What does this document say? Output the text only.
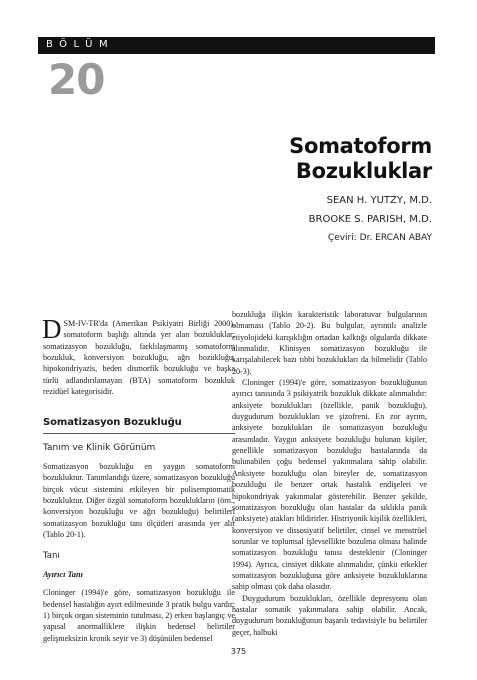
BÖLÜM
20
Somatoform
Bozukluklar
SEAN H. YUTZY, M.D.
BROOKE S. PARISH, M.D.
Çeviri: Dr. ERCAN ABAY
D SM-IV-TR'da (Amerikan Psikiyatri Birliği 2000), somatoform başlığı altında yer alan bozukluklar; somatizasyon bozukluğu, farklılaşmamış somatoform bozukluk, konversiyon bozukluğu, ağrı bozukluğu, hipokondriyazis, beden dismorfik bozukluğu ve başka türlü adlandırılamayan (BTA) somatoform bozukluk rezidüel kategorisidir.

Somatizasyon Bozukluğu
Tanım ve Klinik Görünüm

Somatizasyon bozukluğu en yaygın somatoform bozukluktur. Tanımlandığı üzere, somatizasyon bozukluğu birçok vücut sistemini etkileyen bir polisemptomatik bozukluktur. Diğer özgül somatoform bozuklukların (örn., konversiyon bozukluğu ve ağrı bozukluğu) belirtileri somatizasyon bozukluğu tanı ölçütleri arasında yer alır (Tablo 20-1).

Tanı
Ayırıcı Tanı

Cloninger (1994)'e göre, somatizasyon bozukluğu ile bedensel hastalığın ayırt edilmesinde 3 pratik bulgu vardır: 1) birçok organ sisteminin tutulması, 2) erken başlangıç ve yapısal anormalliklere ilişkin bedensel belirtiler gelişmeksizin kronik seyir ve 3) düşünülen bedensel

bozukluğa ilişkin karakteristik laboratuvar bulgularının olmaması (Tablo 20-2). Bu bulgular, ayrıntılı analizle etiyolojideki karışıklığın ortadan kalktığı olgularda dikkate alınmalıdır. Klinisyen somatizasyon bozukluğu ile karışalabilecek bazı tıbbi bozuklukları da bilmelidir (Tablo 20-3).

Cloninger (1994)'e göre, somatizasyon bozukluğunun ayırıcı tanısında 3 psikiyatrik bozukluk dikkate alınmalıdır: anksiyete bozuklukları (özellikle, panik bozukluğu), duygudurum bozuklukları ve şizofreni. En zor ayrım, anksiyete bozuklukları ile somatizasyon bozukluğu arasındadır. Yaygın anksiyete bozukluğu bulunan kişiler, genellikle somatizasyon bozukluğu hastalarında da bulunabilen çoğu bedensel yakınmalara sahip olabilir. Anksiyete bozukluğu olan bireyler de, somatizasyon bozukluğu ile benzer ortak hastalık endişeleri ve hipokondriyak yakınmalar gösterebilir. Benzer şekilde, somatizasyon bozukluğu olan hastalar da sıklıkla panik (anksiyete) atakları bildirirler. Histriyonik kişilik özellikleri, konversiyon ve dissosiyatif belirtiler, cinsel ve menstrüel sorunlar ve toplumsal işlevsellikte bozulma olması halinde somatizasyon bozukluğu tanısı desteklenir (Cloninger 1994). Ayrıca, cinsiyet dikkate alınmalıdır, çünkü erkekler somatizasyon bozukluğuna göre anksiyete bozukluklarına sahip olması çok daha olasıdır.

Duygudurum bozuklukları, özellikle depresyonu olan hastalar somatik yakınmalara sahip olabilir. Ancak, duygudurum bozukluğunun başarılı tedavisiyle bu belirtiler geçer, halbuki

375
